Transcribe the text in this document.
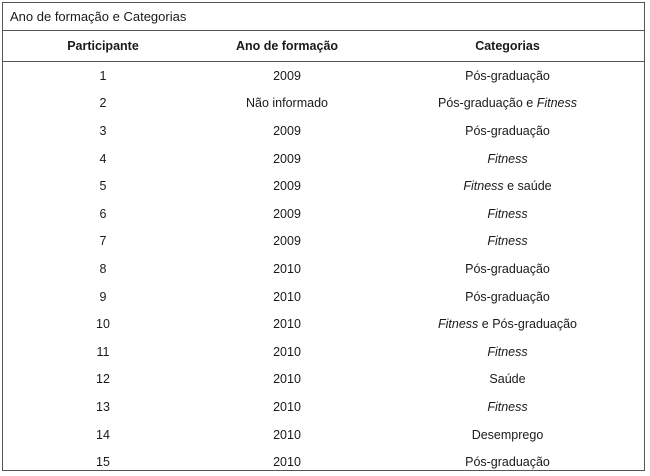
Ano de formação e Categorias
Participante	Ano de formação	Categorias
1	2009	Pós-graduação
2	Não informado	Pós-graduação e Fitness
3	2009	Pós-graduação
4	2009	Fitness
5	2009	Fitness e saúde
6	2009	Fitness
7	2009	Fitness
8	2010	Pós-graduação
9	2010	Pós-graduação
10	2010	Fitness e Pós-graduação
11	2010	Fitness
12	2010	Saúde
13	2010	Fitness
14	2010	Desemprego
15	2010	Pós-graduação
